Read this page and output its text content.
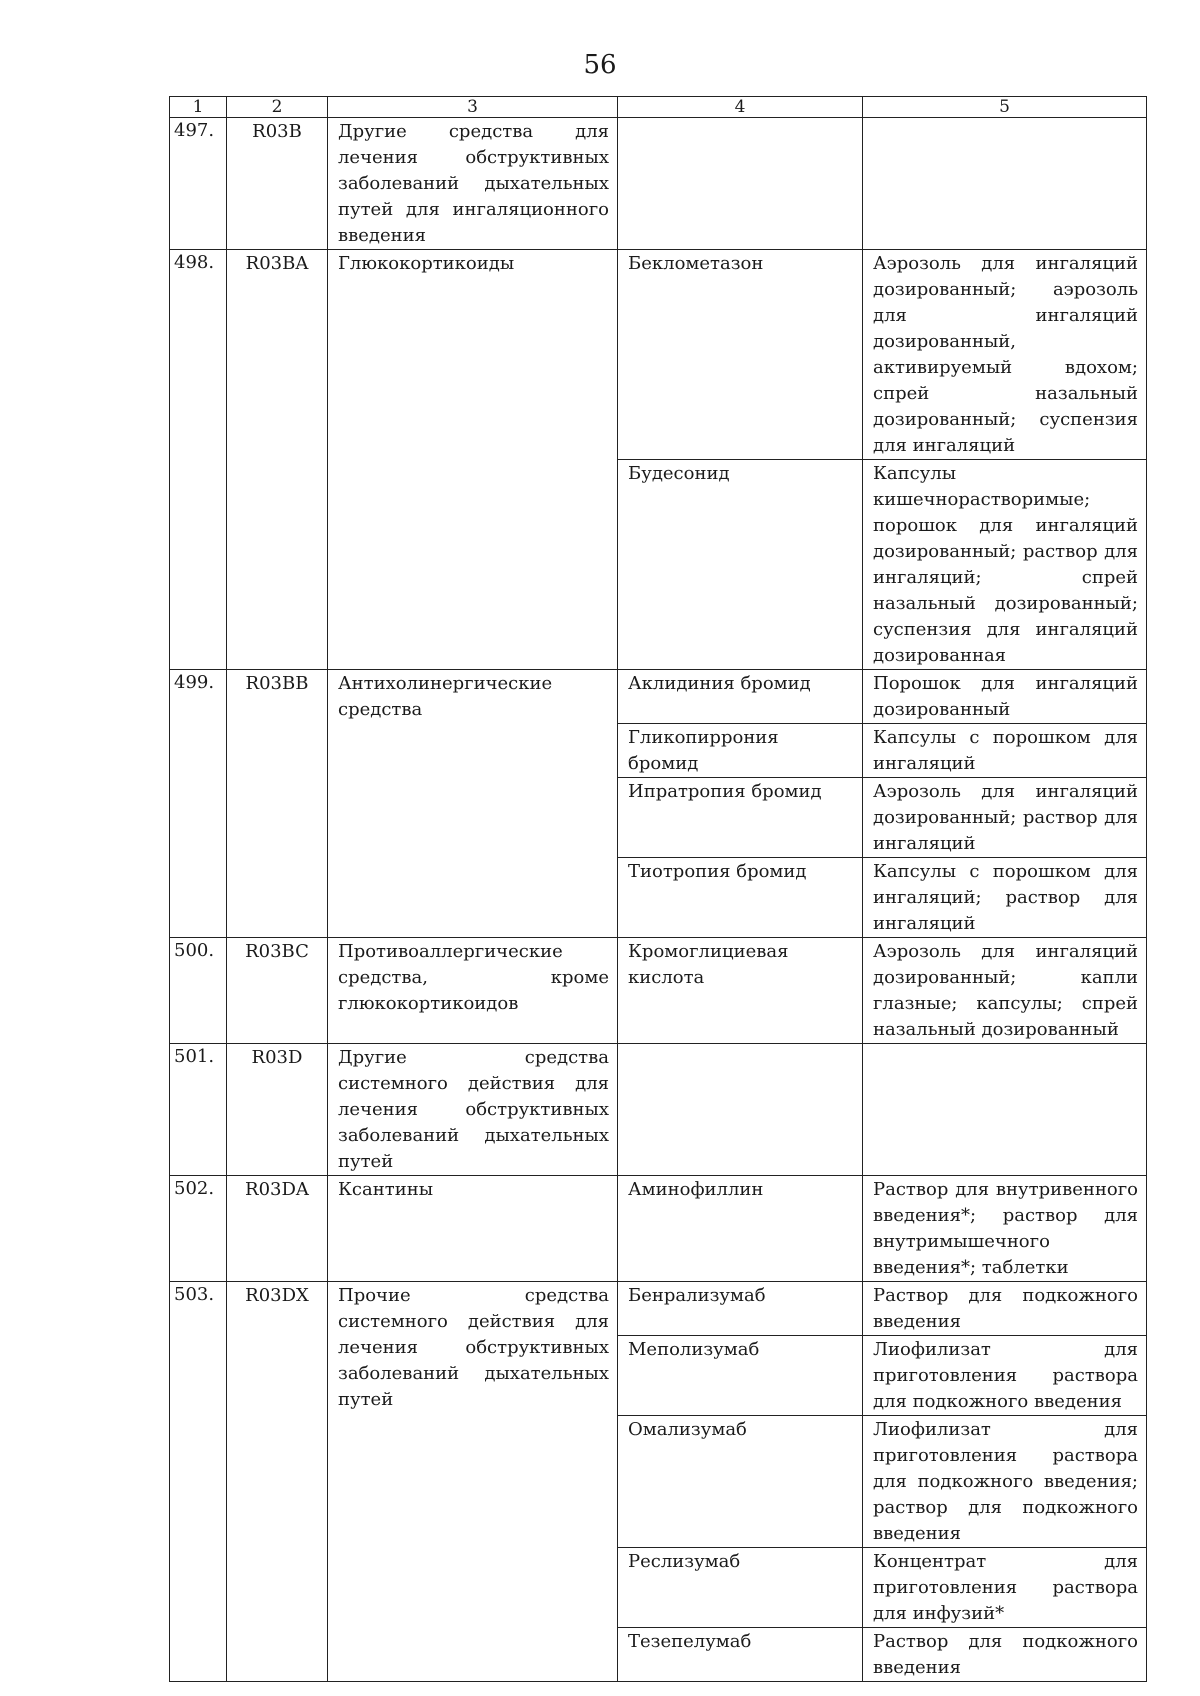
56
1	2	3	4	5
497.	R03B	Другие средства для лечения обструктивных заболеваний дыхательных путей для ингаляционного введения		
498.	R03BA	Глюкокортикоиды	Беклометазон	Аэрозоль для ингаляций дозированный; аэрозоль для ингаляций дозированный, активируемый вдохом; спрей назальный дозированный; суспензия для ингаляций
			Будесонид	Капсулы кишечнорастворимые; порошок для ингаляций дозированный; раствор для ингаляций; спрей назальный дозированный; суспензия для ингаляций дозированная
499.	R03BB	Антихолинергические средства	Аклидиния бромид	Порошок для ингаляций дозированный
			Гликопиррония бромид	Капсулы с порошком для ингаляций
			Ипратропия бромид	Аэрозоль для ингаляций дозированный; раствор для ингаляций
			Тиотропия бромид	Капсулы с порошком для ингаляций; раствор для ингаляций
500.	R03BC	Противоаллергические средства, кроме глюкокортикоидов	Кромоглициевая кислота	Аэрозоль для ингаляций дозированный; капли глазные; капсулы; спрей назальный дозированный
501.	R03D	Другие средства системного действия для лечения обструктивных заболеваний дыхательных путей		
502.	R03DA	Ксантины	Аминофиллин	Раствор для внутривенного введения*; раствор для внутримышечного введения*; таблетки
503.	R03DX	Прочие средства системного действия для лечения обструктивных заболеваний дыхательных путей	Бенрализумаб	Раствор для подкожного введения
			Меполизумаб	Лиофилизат для приготовления раствора для подкожного введения
			Омализумаб	Лиофилизат для приготовления раствора для подкожного введения; раствор для подкожного введения
			Реслизумаб	Концентрат для приготовления раствора для инфузий*
			Тезепелумаб	Раствор для подкожного введения
